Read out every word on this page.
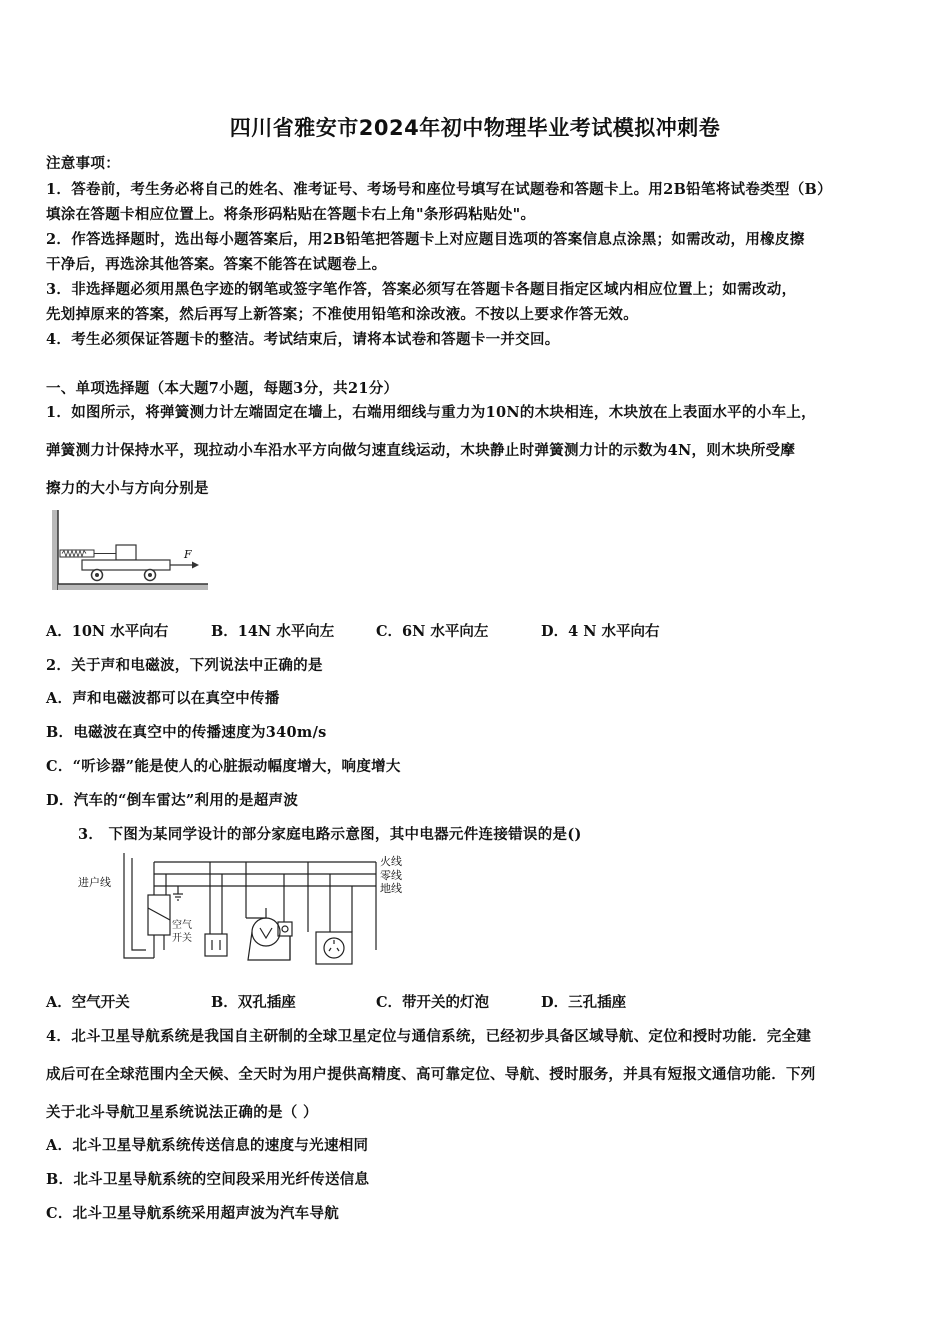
四川省雅安市2024年初中物理毕业考试模拟冲刺卷
注意事项：
1．答卷前，考生务必将自己的姓名、准考证号、考场号和座位号填写在试题卷和答题卡上。用2B铅笔将试卷类型（B）
填涂在答题卡相应位置上。将条形码粘贴在答题卡右上角"条形码粘贴处"。
2．作答选择题时，选出每小题答案后，用2B铅笔把答题卡上对应题目选项的答案信息点涂黑；如需改动，用橡皮擦
干净后，再选涂其他答案。答案不能答在试题卷上。
3．非选择题必须用黑色字迹的钢笔或签字笔作答，答案必须写在答题卡各题目指定区域内相应位置上；如需改动，
先划掉原来的答案，然后再写上新答案；不准使用铅笔和涂改液。不按以上要求作答无效。
4．考生必须保证答题卡的整洁。考试结束后，请将本试卷和答题卡一并交回。
一、单项选择题（本大题7小题，每题3分，共21分）
1．如图所示，将弹簧测力计左端固定在墙上，右端用细线与重力为10N的木块相连，木块放在上表面水平的小车上，
弹簧测力计保持水平，现拉动小车沿水平方向做匀速直线运动，木块静止时弹簧测力计的示数为4N，则木块所受摩
擦力的大小与方向分别是
F
A．10N 水平向右	B．14N 水平向左	C．6N 水平向左	D．4 N 水平向右
2．关于声和电磁波，下列说法中正确的是
A．声和电磁波都可以在真空中传播
B．电磁波在真空中的传播速度为340m/s
C．“听诊器”能是使人的心脏振动幅度增大，响度增大
D．汽车的“倒车雷达”利用的是超声波
3． 下图为某同学设计的部分家庭电路示意图，其中电器元件连接错误的是()
火线
零线
地线
进户线
空气
开关
A．空气开关	B．双孔插座	C．带开关的灯泡	D．三孔插座
4．北斗卫星导航系统是我国自主研制的全球卫星定位与通信系统，已经初步具备区域导航、定位和授时功能．完全建
成后可在全球范围内全天候、全天时为用户提供高精度、高可靠定位、导航、授时服务，并具有短报文通信功能．下列
关于北斗导航卫星系统说法正确的是（ ）
A．北斗卫星导航系统传送信息的速度与光速相同
B．北斗卫星导航系统的空间段采用光纤传送信息
C．北斗卫星导航系统采用超声波为汽车导航
